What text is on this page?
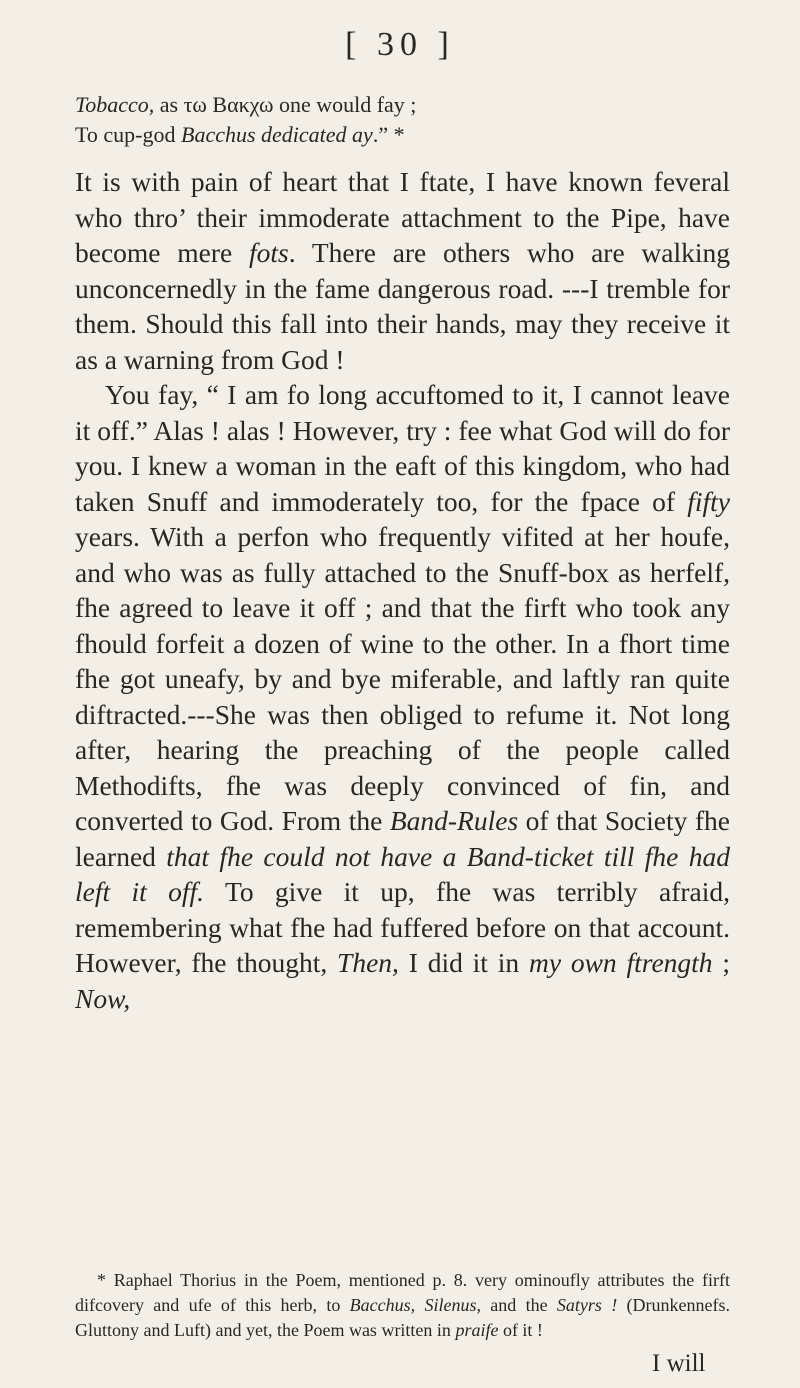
[ 30 ]
Tobacco, as τω Βακχω one would fay ;
To cup-god Bacchus dedicated ay.” *

It is with pain of heart that I ftate, I have known feveral who thro’ their immoderate attachment to the Pipe, have become mere fots. There are others who are walking unconcernedly in the fame dangerous road. ---I tremble for them. Should this fall into their hands, may they receive it as a warning from God !

You fay, “ I am fo long accuftomed to it, I cannot leave it off.” Alas ! alas ! However, try : fee what God will do for you. I knew a woman in the eaft of this kingdom, who had taken Snuff and immoderately too, for the fpace of fifty years. With a perfon who frequently vifited at her houfe, and who was as fully attached to the Snuff-box as herfelf, fhe agreed to leave it off ; and that the firft who took any fhould forfeit a dozen of wine to the other. In a fhort time fhe got uneafy, by and bye miferable, and laftly ran quite diftracted.---She was then obliged to refume it. Not long after, hearing the preaching of the people called Methodifts, fhe was deeply convinced of fin, and converted to God. From the Band-Rules of that Society fhe learned that fhe could not have a Band-ticket till fhe had left it off. To give it up, fhe was terribly afraid, remembering what fhe had fuffered before on that account. However, fhe thought, Then, I did it in my own ftrength ; Now,

* Raphael Thorius in the Poem, mentioned p. 8. very ominoufly attributes the firft difcovery and ufe of this herb, to Bacchus, Silenus, and the Satyrs ! (Drunkennefs. Gluttony and Luft) and yet, the Poem was written in praife of it !

I will
